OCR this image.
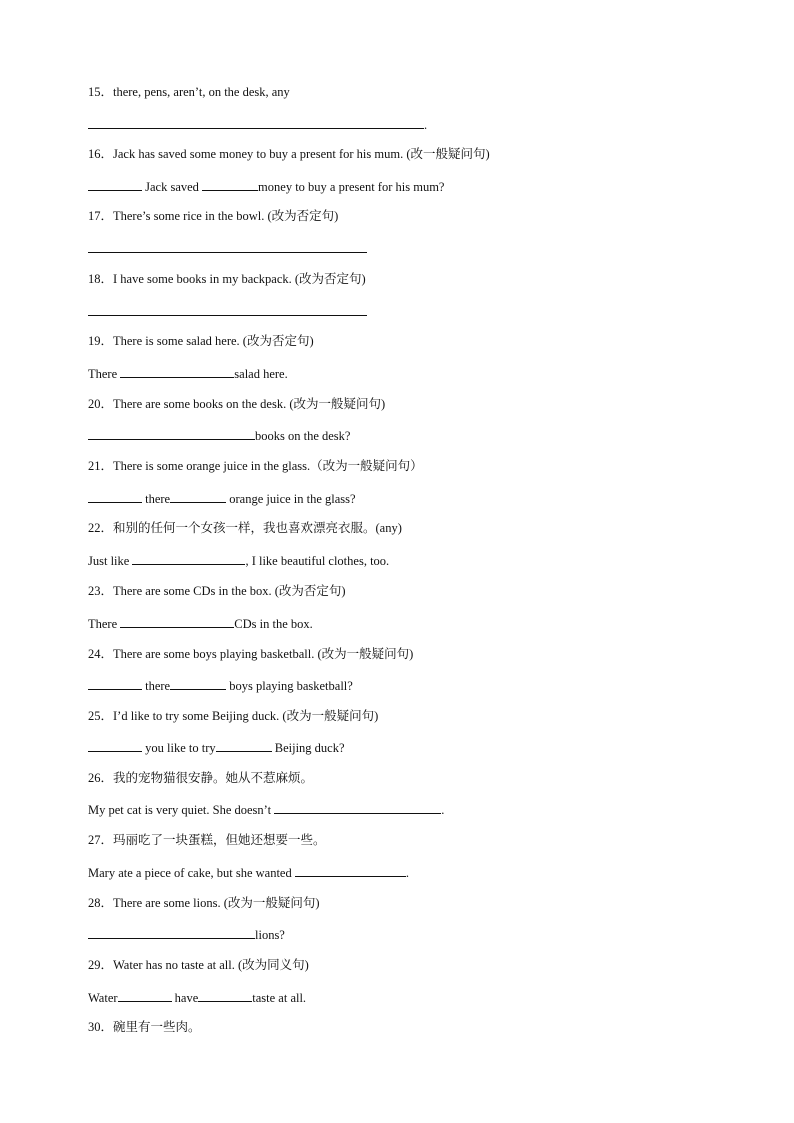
15．there, pens, aren’t, on the desk, any
.
16．Jack has saved some money to buy a present for his mum. (改一般疑问句)
Jack saved	money to buy a present for his mum?
17．There’s some rice in the bowl. (改为否定句)
18．I have some books in my backpack. (改为否定句)
19．There is some salad here. (改为否定句)
There	salad here.
20．There are some books on the desk. (改为一般疑问句)
books on the desk?
21．There is some orange juice in the glass.（改为一般疑问句）
there	orange juice in the glass?
22．和别的任何一个女孩一样，我也喜欢漂亮衣服。(any)
Just like	, I like beautiful clothes, too.
23．There are some CDs in the box. (改为否定句)
There	CDs in the box.
24．There are some boys playing basketball. (改为一般疑问句)
there	boys playing basketball?
25．I’d like to try some Beijing duck. (改为一般疑问句)
you like to try	Beijing duck?
26．我的宠物猫很安静。她从不惹麻烦。
My pet cat is very quiet. She doesn’t	.
27．玛丽吃了一块蛋糕，但她还想要一些。
Mary ate a piece of cake, but she wanted	.
28．There are some lions. (改为一般疑问句)
lions?
29．Water has no taste at all. (改为同义句)
Water	have	taste at all.
30．碗里有一些肉。
